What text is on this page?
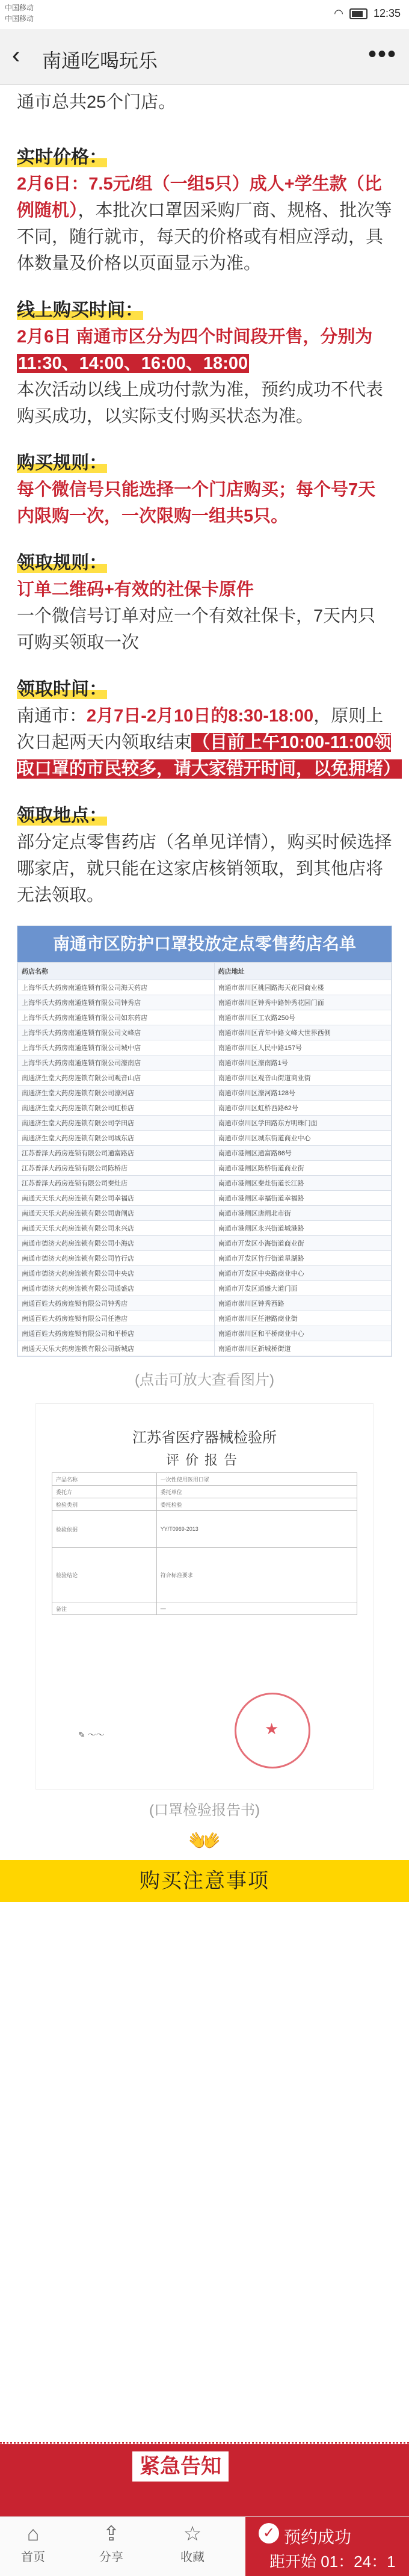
中国移动
中国移动	◠	12:35
‹ 南通吃喝玩乐	•••

通市总共25个门店。

实时价格：

2月6日：7.5元/组（一组5只）成人+学生款（比例随机），本批次口罩因采购厂商、规格、批次等不同，随行就市，每天的价格或有相应浮动，具体数量及价格以页面显示为准。

线上购买时间：

2月6日 南通市区分为四个时间段开售，分别为11:30、14:00、16:00、18:00

本次活动以线上成功付款为准，预约成功不代表购买成功，以实际支付购买状态为准。

购买规则：

每个微信号只能选择一个门店购买；每个号7天内限购一次，一次限购一组共5只。

领取规则：

订单二维码+有效的社保卡原件

一个微信号订单对应一个有效社保卡，7天内只可购买领取一次

领取时间：

南通市：2月7日-2月10日的8:30-18:00，原则上次日起两天内领取结束（目前上午10:00-11:00领取口罩的市民较多，请大家错开时间，以免拥堵）

领取地点：

部分定点零售药店（名单见详情），购买时候选择哪家店，就只能在这家店核销领取，到其他店将无法领取。

南通市区防护口罩投放定点零售药店名单
药店名称	药店地址
上海华氏大药房南通连锁有限公司海天药店	南通市崇川区桃园路海天花园商业楼
上海华氏大药房南通连锁有限公司钟秀店	南通市崇川区钟秀中路钟秀花园门面
上海华氏大药房南通连锁有限公司如东药店	南通市崇川区工农路250号
上海华氏大药房南通连锁有限公司文峰店	南通市崇川区青年中路文峰大世界西侧
上海华氏大药房南通连锁有限公司城中店	南通市崇川区人民中路157号
上海华氏大药房南通连锁有限公司濠南店	南通市崇川区濠南路1号
南通济生堂大药房连锁有限公司观音山店	南通市崇川区观音山街道商业街
南通济生堂大药房连锁有限公司濠河店	南通市崇川区濠河路128号
南通济生堂大药房连锁有限公司虹桥店	南通市崇川区虹桥西路62号
南通济生堂大药房连锁有限公司学田店	南通市崇川区学田路东方明珠门面
南通济生堂大药房连锁有限公司城东店	南通市崇川区城东街道商业中心
江苏普泽大药房连锁有限公司通富路店	南通市港闸区通富路86号
江苏普泽大药房连锁有限公司陈桥店	南通市港闸区陈桥街道商业街
江苏普泽大药房连锁有限公司秦灶店	南通市港闸区秦灶街道长江路
南通天天乐大药房连锁有限公司幸福店	南通市港闸区幸福街道幸福路
南通天天乐大药房连锁有限公司唐闸店	南通市港闸区唐闸北市街
南通天天乐大药房连锁有限公司永兴店	南通市港闸区永兴街道城港路
南通市德济大药房连锁有限公司小海店	南通市开发区小海街道商业街
南通市德济大药房连锁有限公司竹行店	南通市开发区竹行街道星湖路
南通市德济大药房连锁有限公司中央店	南通市开发区中央路商业中心
南通市德济大药房连锁有限公司通盛店	南通市开发区通盛大道门面
南通百姓大药房连锁有限公司钟秀店	南通市崇川区钟秀西路
南通百姓大药房连锁有限公司任港店	南通市崇川区任港路商业街
南通百姓大药房连锁有限公司和平桥店	南通市崇川区和平桥商业中心
南通天天乐大药房连锁有限公司新城店	南通市崇川区新城桥街道

(点击可放大查看图片)

江苏省医疗器械检验所
评价报告
产品名称	一次性使用医用口罩
委托方	委托单位
检验类别	委托检验
检验依据	YY/T0969-2013
检验结论	符合标准要求
备注	—
✎ ～～	★

(口罩检验报告书)

👐
购买注意事项
紧急告知
⌂
首页
⇪
分享
☆
收藏
✓ 预约成功
距开始 01：24：1
